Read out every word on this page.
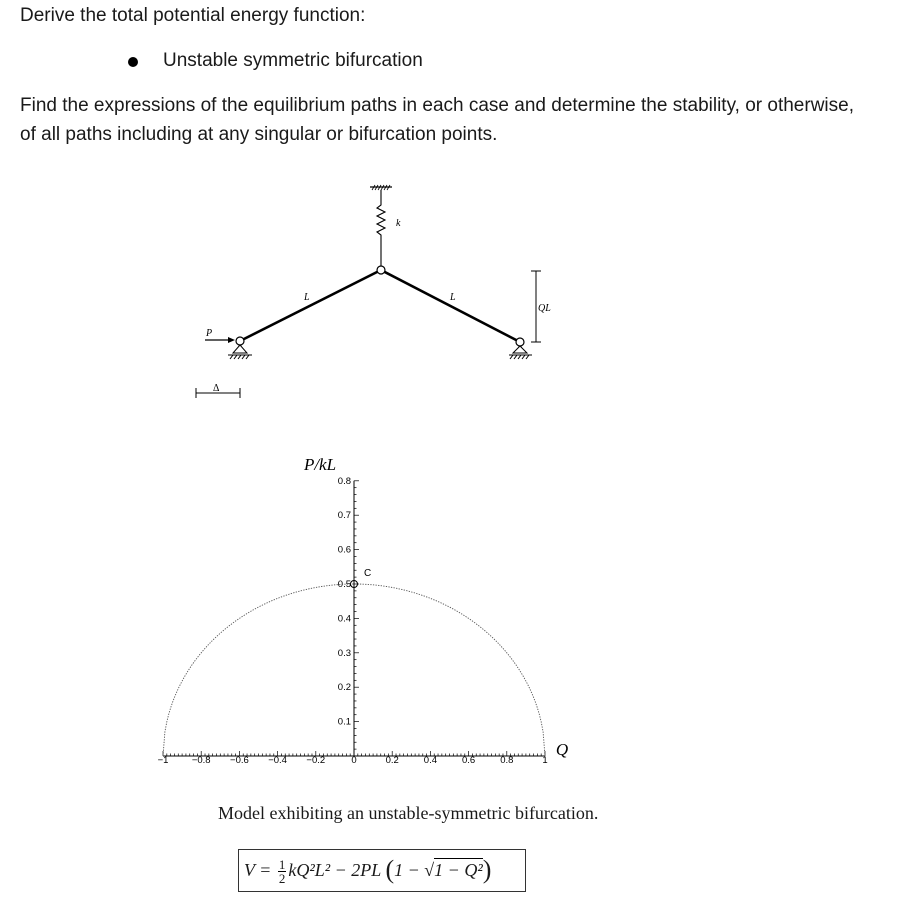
Derive the total potential energy function:
Unstable symmetric bifurcation
Find the expressions of the equilibrium paths in each case and determine the stability, or otherwise,
of all paths including at any singular or bifurcation points.
k
L	L
P
QL
Δ
−1 −0.8 −0.6 −0.4 −0.2	0	0.2	0.4	0.6	0.8	1
0.1
0.2
0.3
0.4
0.5
0.6
0.7
0.8
C
P/kL
Q
Model exhibiting an unstable-symmetric bifurcation.
$V = \frac{1}{2} kQ^2L^2 - 2PL$ (1 − √1 − Q²)
